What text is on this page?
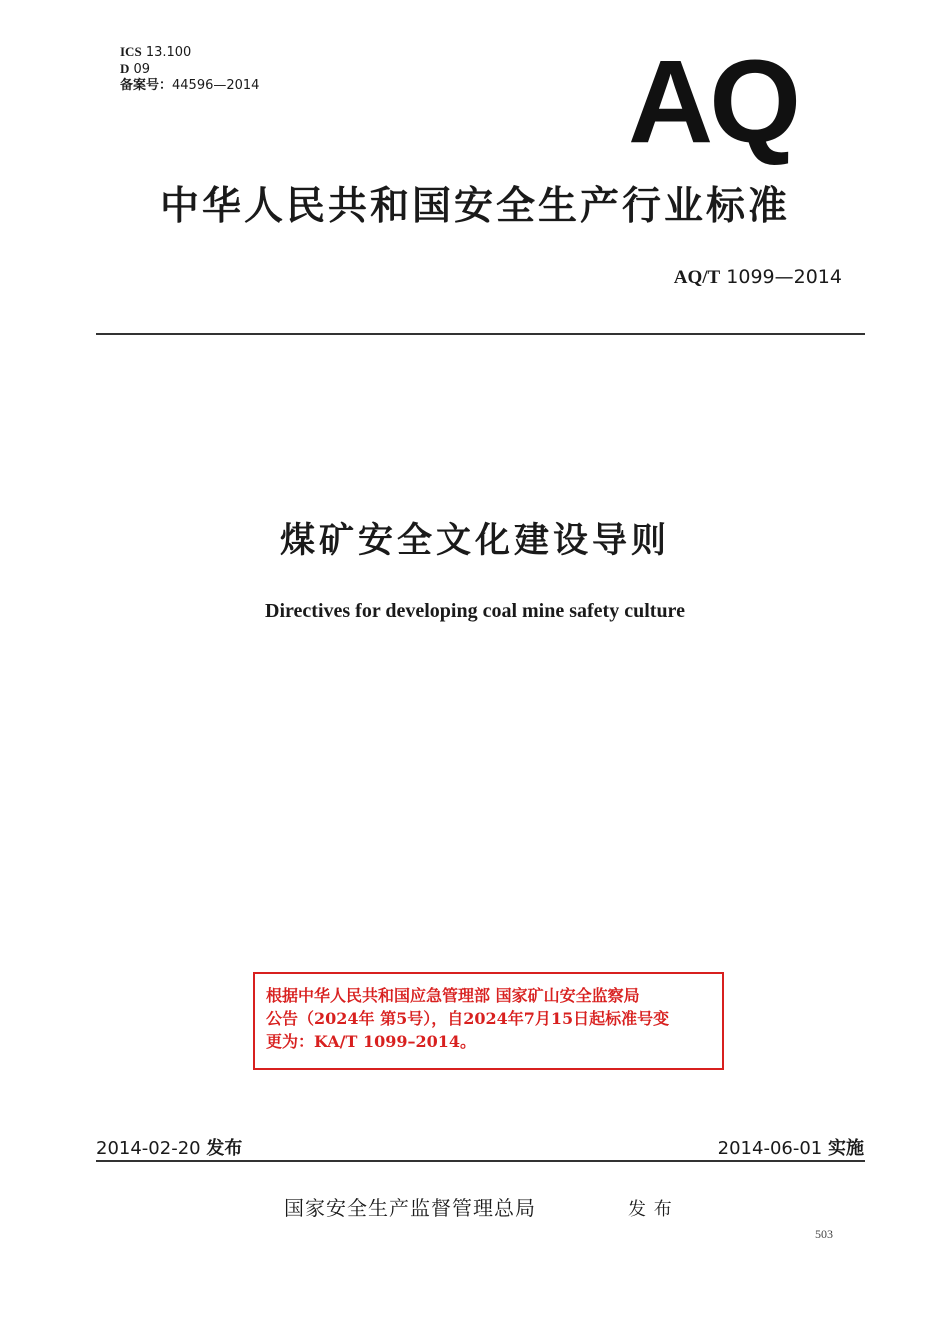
ICS 13.100
D 09
备案号：44596—2014	AQ
中华人民共和国安全生产行业标准
AQ/T 1099—2014
煤矿安全文化建设导则
Directives for developing coal mine safety culture
根据中华人民共和国应急管理部 国家矿山安全监察局
公告（2024年 第5号），自2024年7月15日起标准号变
更为：KA/T 1099–2014。
2014-02-20 发布	2014-06-01 实施
国家安全生产监督管理总局	发 布
503
